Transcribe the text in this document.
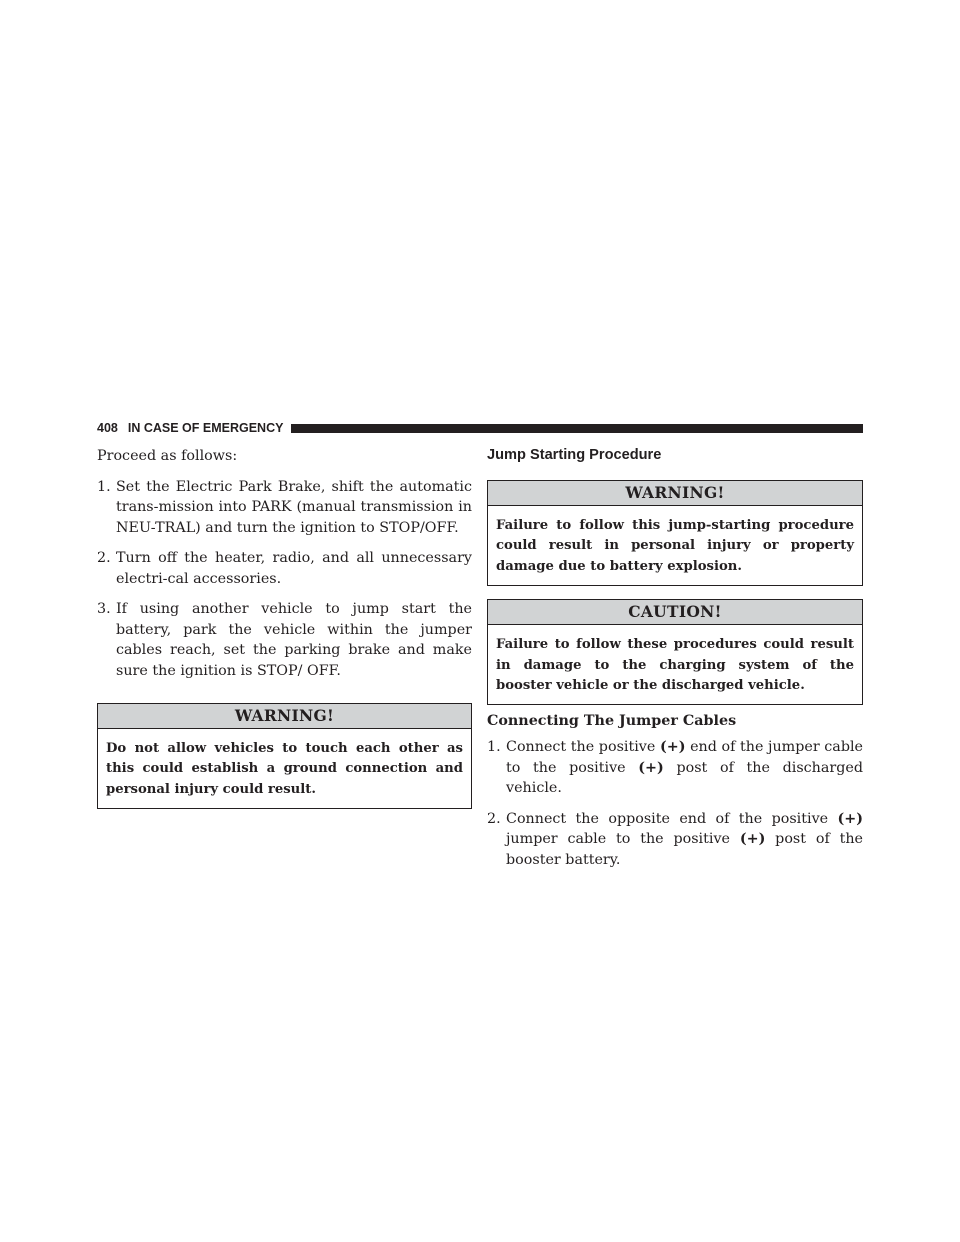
408 IN CASE OF EMERGENCY

Proceed as follows:

1. Set the Electric Park Brake, shift the automatic trans-mission into PARK (manual transmission in NEU-TRAL) and turn the ignition to STOP/OFF.

2. Turn off the heater, radio, and all unnecessary electri-cal accessories.

3. If using another vehicle to jump start the battery, park the vehicle within the jumper cables reach, set the parking brake and make sure the ignition is STOP/ OFF.

WARNING!
Do not allow vehicles to touch each other as this could establish a ground connection and personal injury could result.
Jump Starting Procedure
WARNING!
Failure to follow this jump-starting procedure could result in personal injury or property damage due to battery explosion.
CAUTION!
Failure to follow these procedures could result in damage to the charging system of the booster vehicle or the discharged vehicle.
Connecting The Jumper Cables

1. Connect the positive (+) end of the jumper cable to the positive (+) post of the discharged vehicle.

2. Connect the opposite end of the positive (+) jumper cable to the positive (+) post of the booster battery.
